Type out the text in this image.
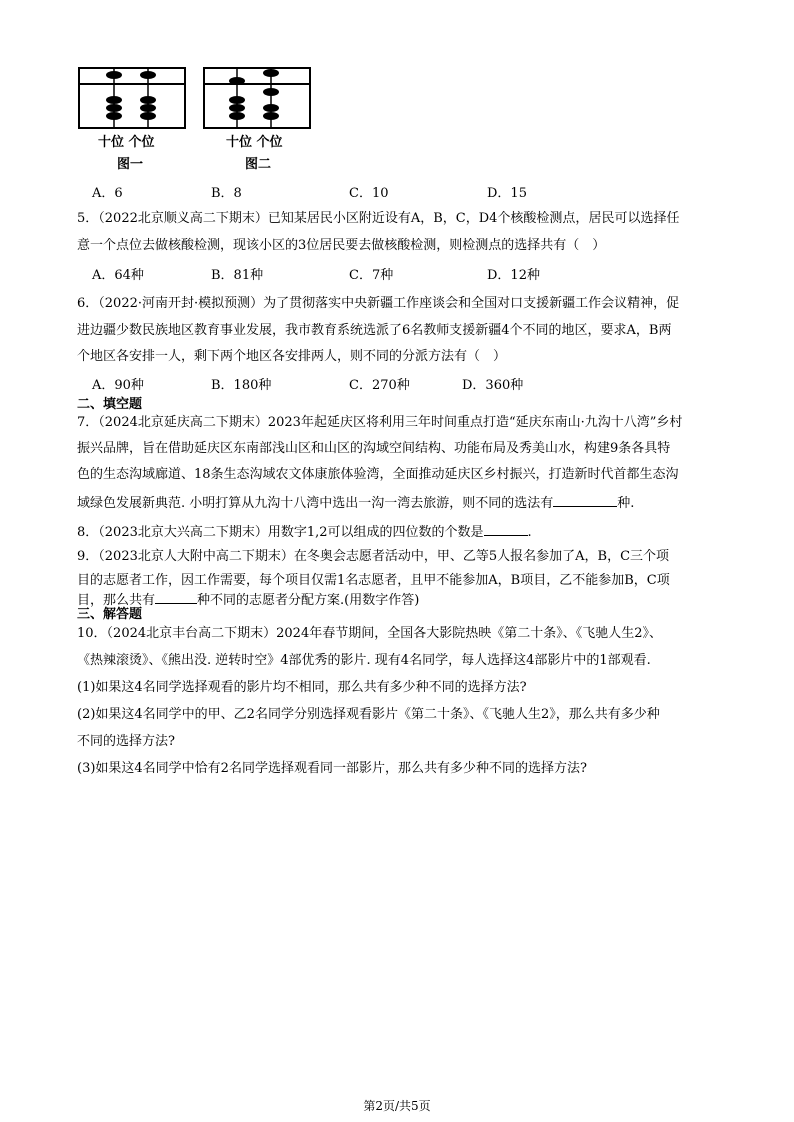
十位 个位
图一
十位 个位
图二
A．6	B．8	C．10	D．15
5．（2022北京顺义高二下期末）已知某居民小区附近设有A，B，C，D4个核酸检测点，居民可以选择任
意一个点位去做核酸检测，现该小区的3位居民要去做核酸检测，则检测点的选择共有（　）
A．64种	B．81种	C．7种	D．12种
6．（2022·河南开封·模拟预测）为了贯彻落实中央新疆工作座谈会和全国对口支援新疆工作会议精神，促
进边疆少数民族地区教育事业发展，我市教育系统选派了6名教师支援新疆4个不同的地区，要求A，B两
个地区各安排一人，剩下两个地区各安排两人，则不同的分派方法有（　）
A．90种	B．180种	C．270种	D．360种
二、填空题
7．（2024北京延庆高二下期末）2023年起延庆区将利用三年时间重点打造“延庆东南山·九沟十八湾”乡村
振兴品牌，旨在借助延庆区东南部浅山区和山区的沟域空间结构、功能布局及秀美山水，构建9条各具特
色的生态沟域廊道、18条生态沟域农文体康旅体验湾，全面推动延庆区乡村振兴，打造新时代首都生态沟
域绿色发展新典范. 小明打算从九沟十八湾中选出一沟一湾去旅游，则不同的选法有	种.
8．（2023北京大兴高二下期末）用数字1,2可以组成的四位数的个数是	.
9．（2023北京人大附中高二下期末）在冬奥会志愿者活动中，甲、乙等5人报名参加了A，B，C三个项
目的志愿者工作，因工作需要，每个项目仅需1名志愿者，且甲不能参加A，B项目，乙不能参加B，C项
目，那么共有	种不同的志愿者分配方案.(用数字作答)
三、解答题
10．（2024北京丰台高二下期末）2024年春节期间，全国各大影院热映《第二十条》、《飞驰人生2》、
《热辣滚烫》、《熊出没. 逆转时空》4部优秀的影片. 现有4名同学，每人选择这4部影片中的1部观看.
(1)如果这4名同学选择观看的影片均不相同，那么共有多少种不同的选择方法?
(2)如果这4名同学中的甲、乙2名同学分别选择观看影片《第二十条》、《飞驰人生2》，那么共有多少种
不同的选择方法?
(3)如果这4名同学中恰有2名同学选择观看同一部影片，那么共有多少种不同的选择方法?
第2页/共5页
